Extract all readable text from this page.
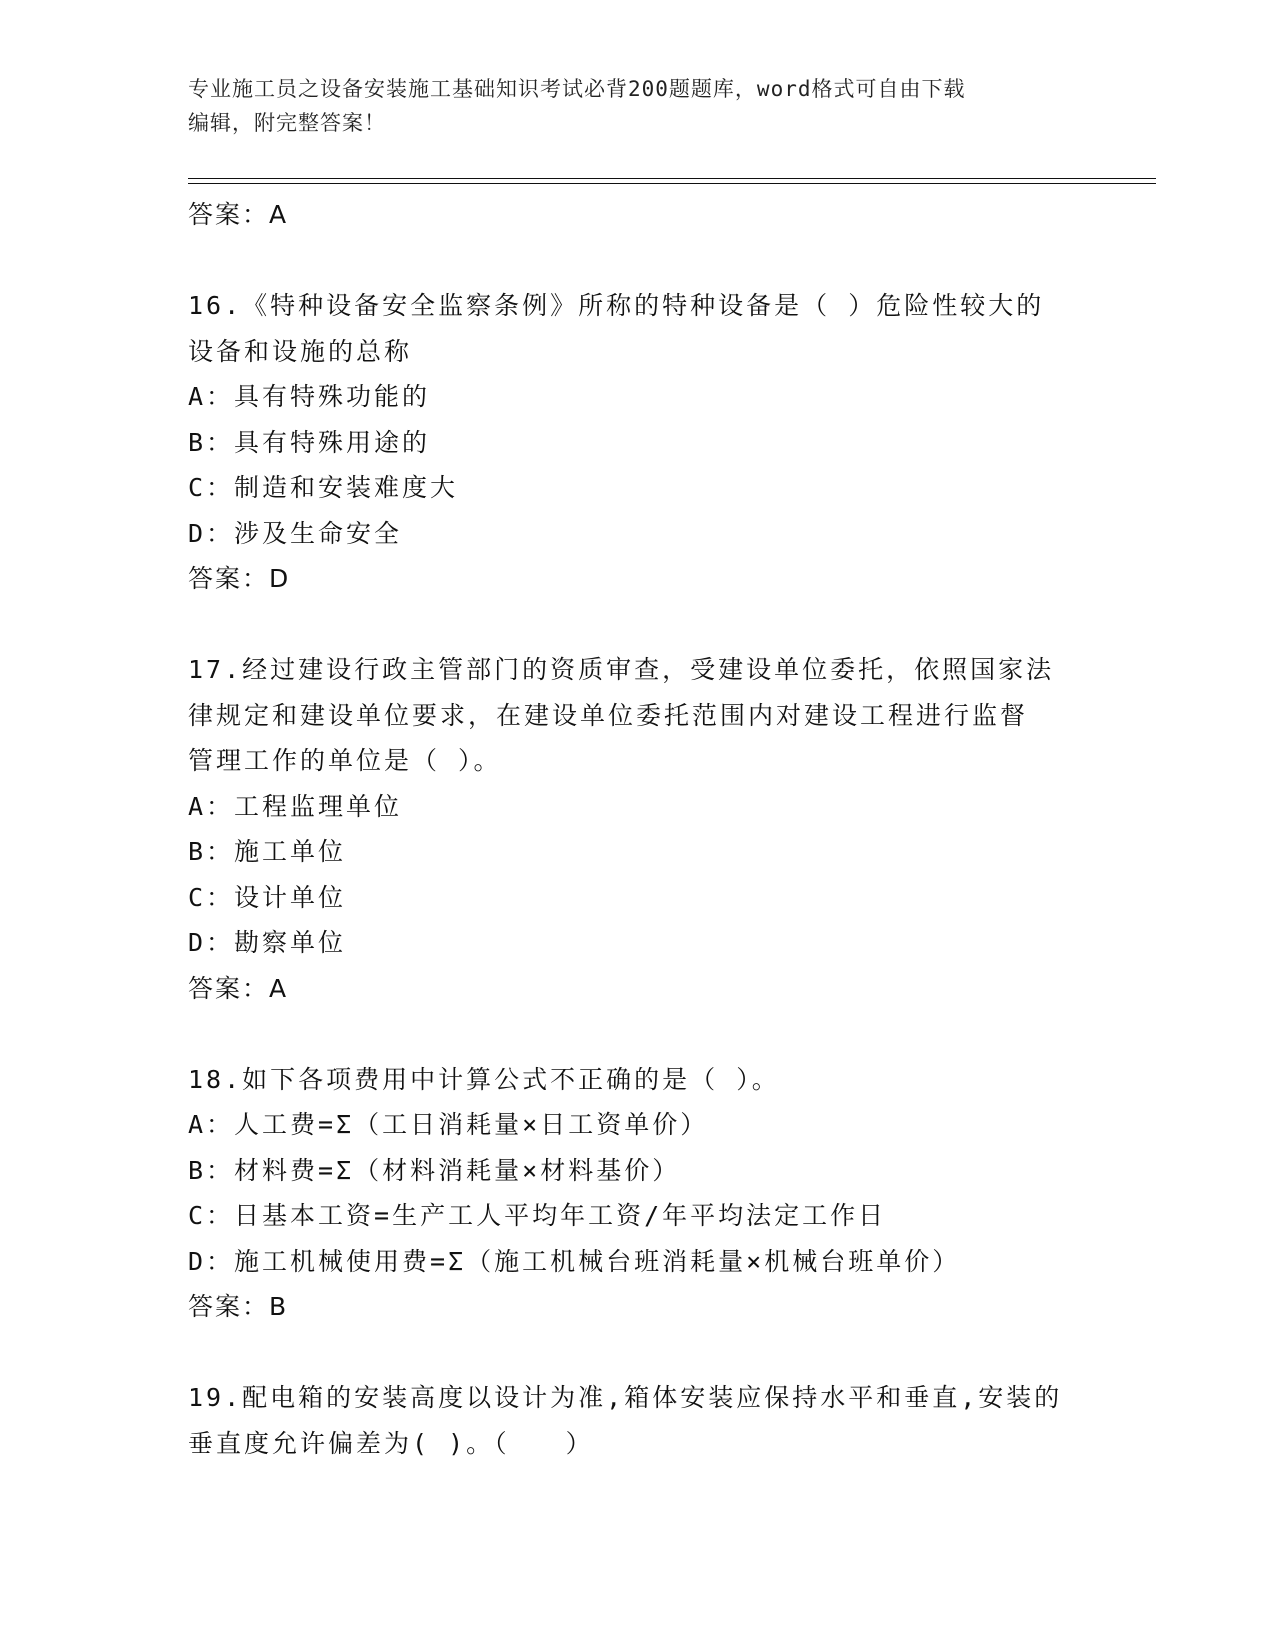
专业施工员之设备安装施工基础知识考试必背200题题库，word格式可自由下载
编辑，附完整答案！
答案：A
16.《特种设备安全监察条例》所称的特种设备是（ ）危险性较大的
设备和设施的总称
A：具有特殊功能的
B：具有特殊用途的
C：制造和安装难度大
D：涉及生命安全
答案：D
17.经过建设行政主管部门的资质审查，受建设单位委托，依照国家法
律规定和建设单位要求，在建设单位委托范围内对建设工程进行监督
管理工作的单位是（ ）。
A：工程监理单位
B：施工单位
C：设计单位
D：勘察单位
答案：A
18.如下各项费用中计算公式不正确的是（ ）。
A：人工费=Σ（工日消耗量×日工资单价）
B：材料费=Σ（材料消耗量×材料基价）
C：日基本工资=生产工人平均年工资/年平均法定工作日
D：施工机械使用费=Σ（施工机械台班消耗量×机械台班单价）
答案：B
19.配电箱的安装高度以设计为准,箱体安装应保持水平和垂直,安装的
垂直度允许偏差为( )。（　　）
